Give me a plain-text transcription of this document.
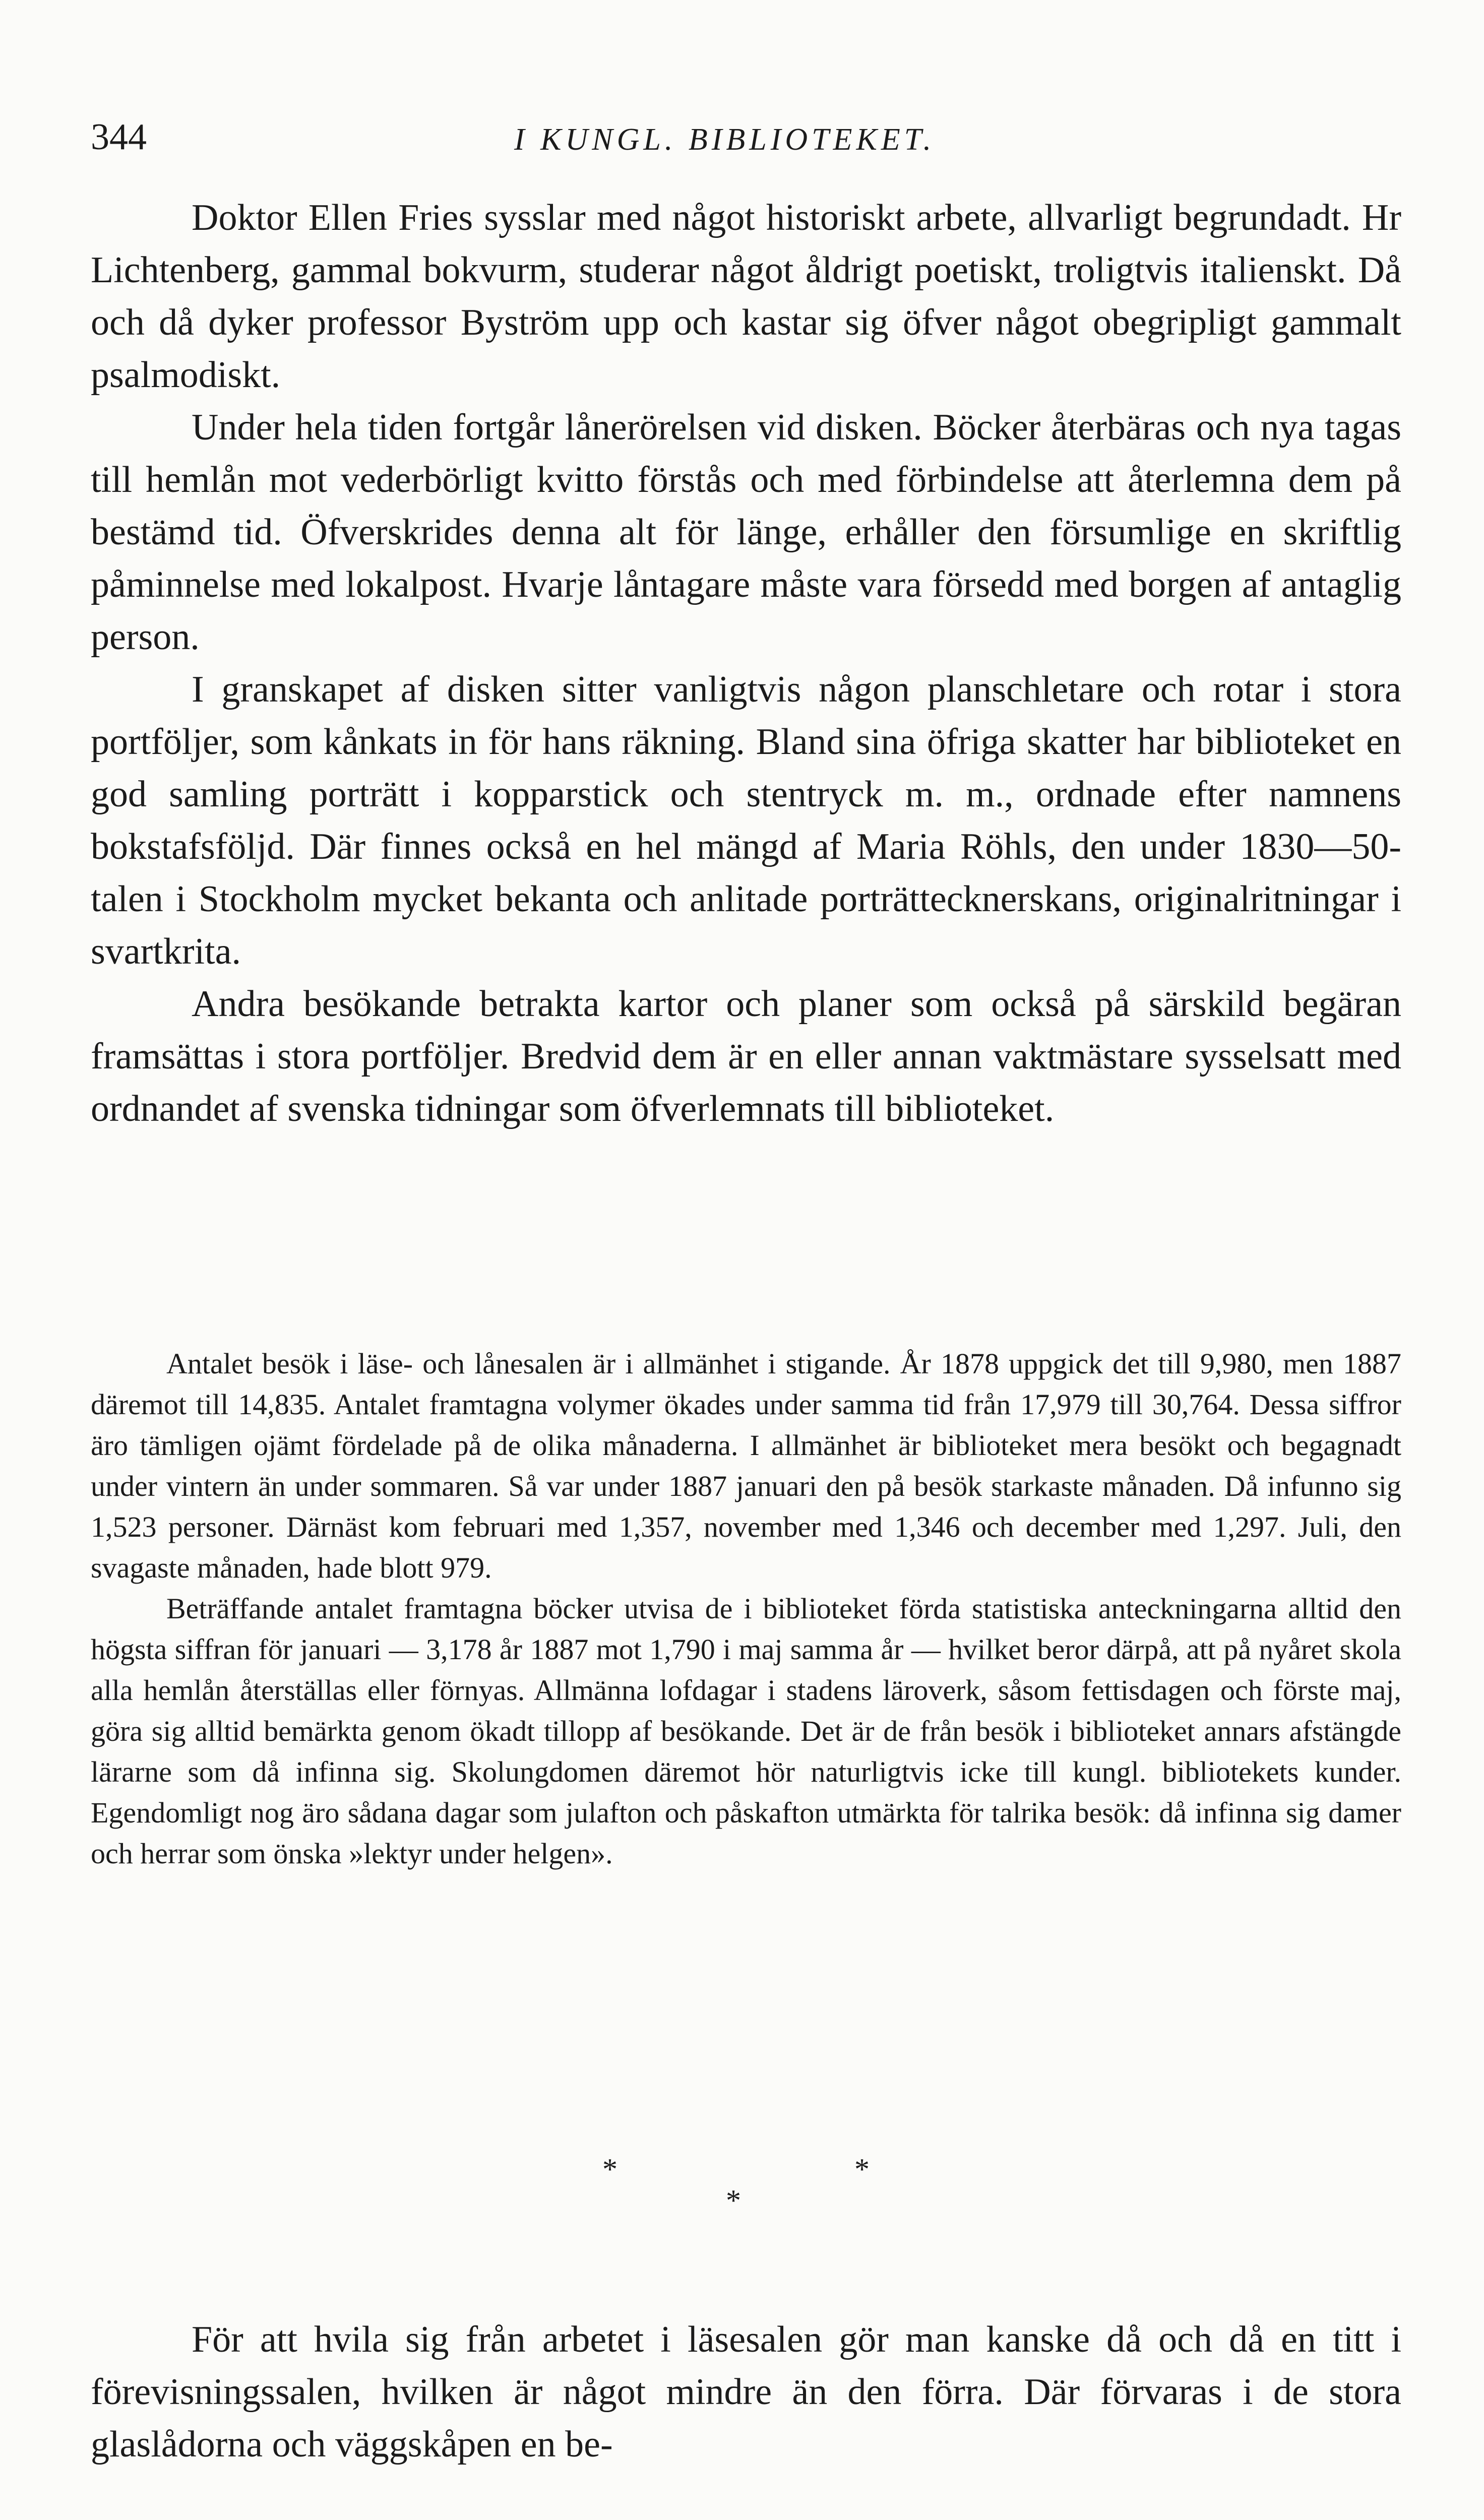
344	I KUNGL. BIBLIOTEKET.

Doktor Ellen Fries sysslar med något historiskt arbete, allvarligt begrundadt. Hr Lichtenberg, gammal bokvurm, studerar något åldrigt poetiskt, troligtvis italienskt. Då och då dyker professor Byström upp och kastar sig öfver något obegripligt gammalt psalmodiskt.

Under hela tiden fortgår lånerörelsen vid disken. Böcker återbäras och nya tagas till hemlån mot vederbörligt kvitto förstås och med förbindelse att återlemna dem på bestämd tid. Öfverskrides denna alt för länge, erhåller den försumlige en skriftlig påminnelse med lokalpost. Hvarje låntagare måste vara försedd med borgen af antaglig person.

I granskapet af disken sitter vanligtvis någon planschletare och rotar i stora portföljer, som kånkats in för hans räkning. Bland sina öfriga skatter har biblioteket en god samling porträtt i kopparstick och stentryck m. m., ordnade efter namnens bokstafsföljd. Där finnes också en hel mängd af Maria Röhls, den under 1830—50-talen i Stockholm mycket bekanta och anlitade porträttecknerskans, originalritningar i svartkrita.

Andra besökande betrakta kartor och planer som också på särskild begäran framsättas i stora portföljer. Bredvid dem är en eller annan vaktmästare sysselsatt med ordnandet af svenska tidningar som öfverlemnats till biblioteket.

Antalet besök i läse- och lånesalen är i allmänhet i stigande. År 1878 uppgick det till 9,980, men 1887 däremot till 14,835. Antalet framtagna volymer ökades under samma tid från 17,979 till 30,764. Dessa siffror äro tämligen ojämt fördelade på de olika månaderna. I allmänhet är biblioteket mera besökt och begagnadt under vintern än under sommaren. Så var under 1887 januari den på besök starkaste månaden. Då infunno sig 1,523 personer. Därnäst kom februari med 1,357, november med 1,346 och december med 1,297. Juli, den svagaste månaden, hade blott 979.

Beträffande antalet framtagna böcker utvisa de i biblioteket förda statistiska anteckningarna alltid den högsta siffran för januari — 3,178 år 1887 mot 1,790 i maj samma år — hvilket beror därpå, att på nyåret skola alla hemlån återställas eller förnyas. Allmänna lofdagar i stadens läroverk, såsom fettisdagen och förste maj, göra sig alltid bemärkta genom ökadt tillopp af besökande. Det är de från besök i biblioteket annars afstängde lärarne som då infinna sig. Skolungdomen däremot hör naturligtvis icke till kungl. bibliotekets kunder. Egendomligt nog äro sådana dagar som julafton och påskafton utmärkta för talrika besök: då infinna sig damer och herrar som önska »lektyr under helgen».

*	*
*

För att hvila sig från arbetet i läsesalen gör man kanske då och då en titt i förevisningssalen, hvilken är något mindre än den förra. Där förvaras i de stora glaslådorna och väggskåpen en be-
